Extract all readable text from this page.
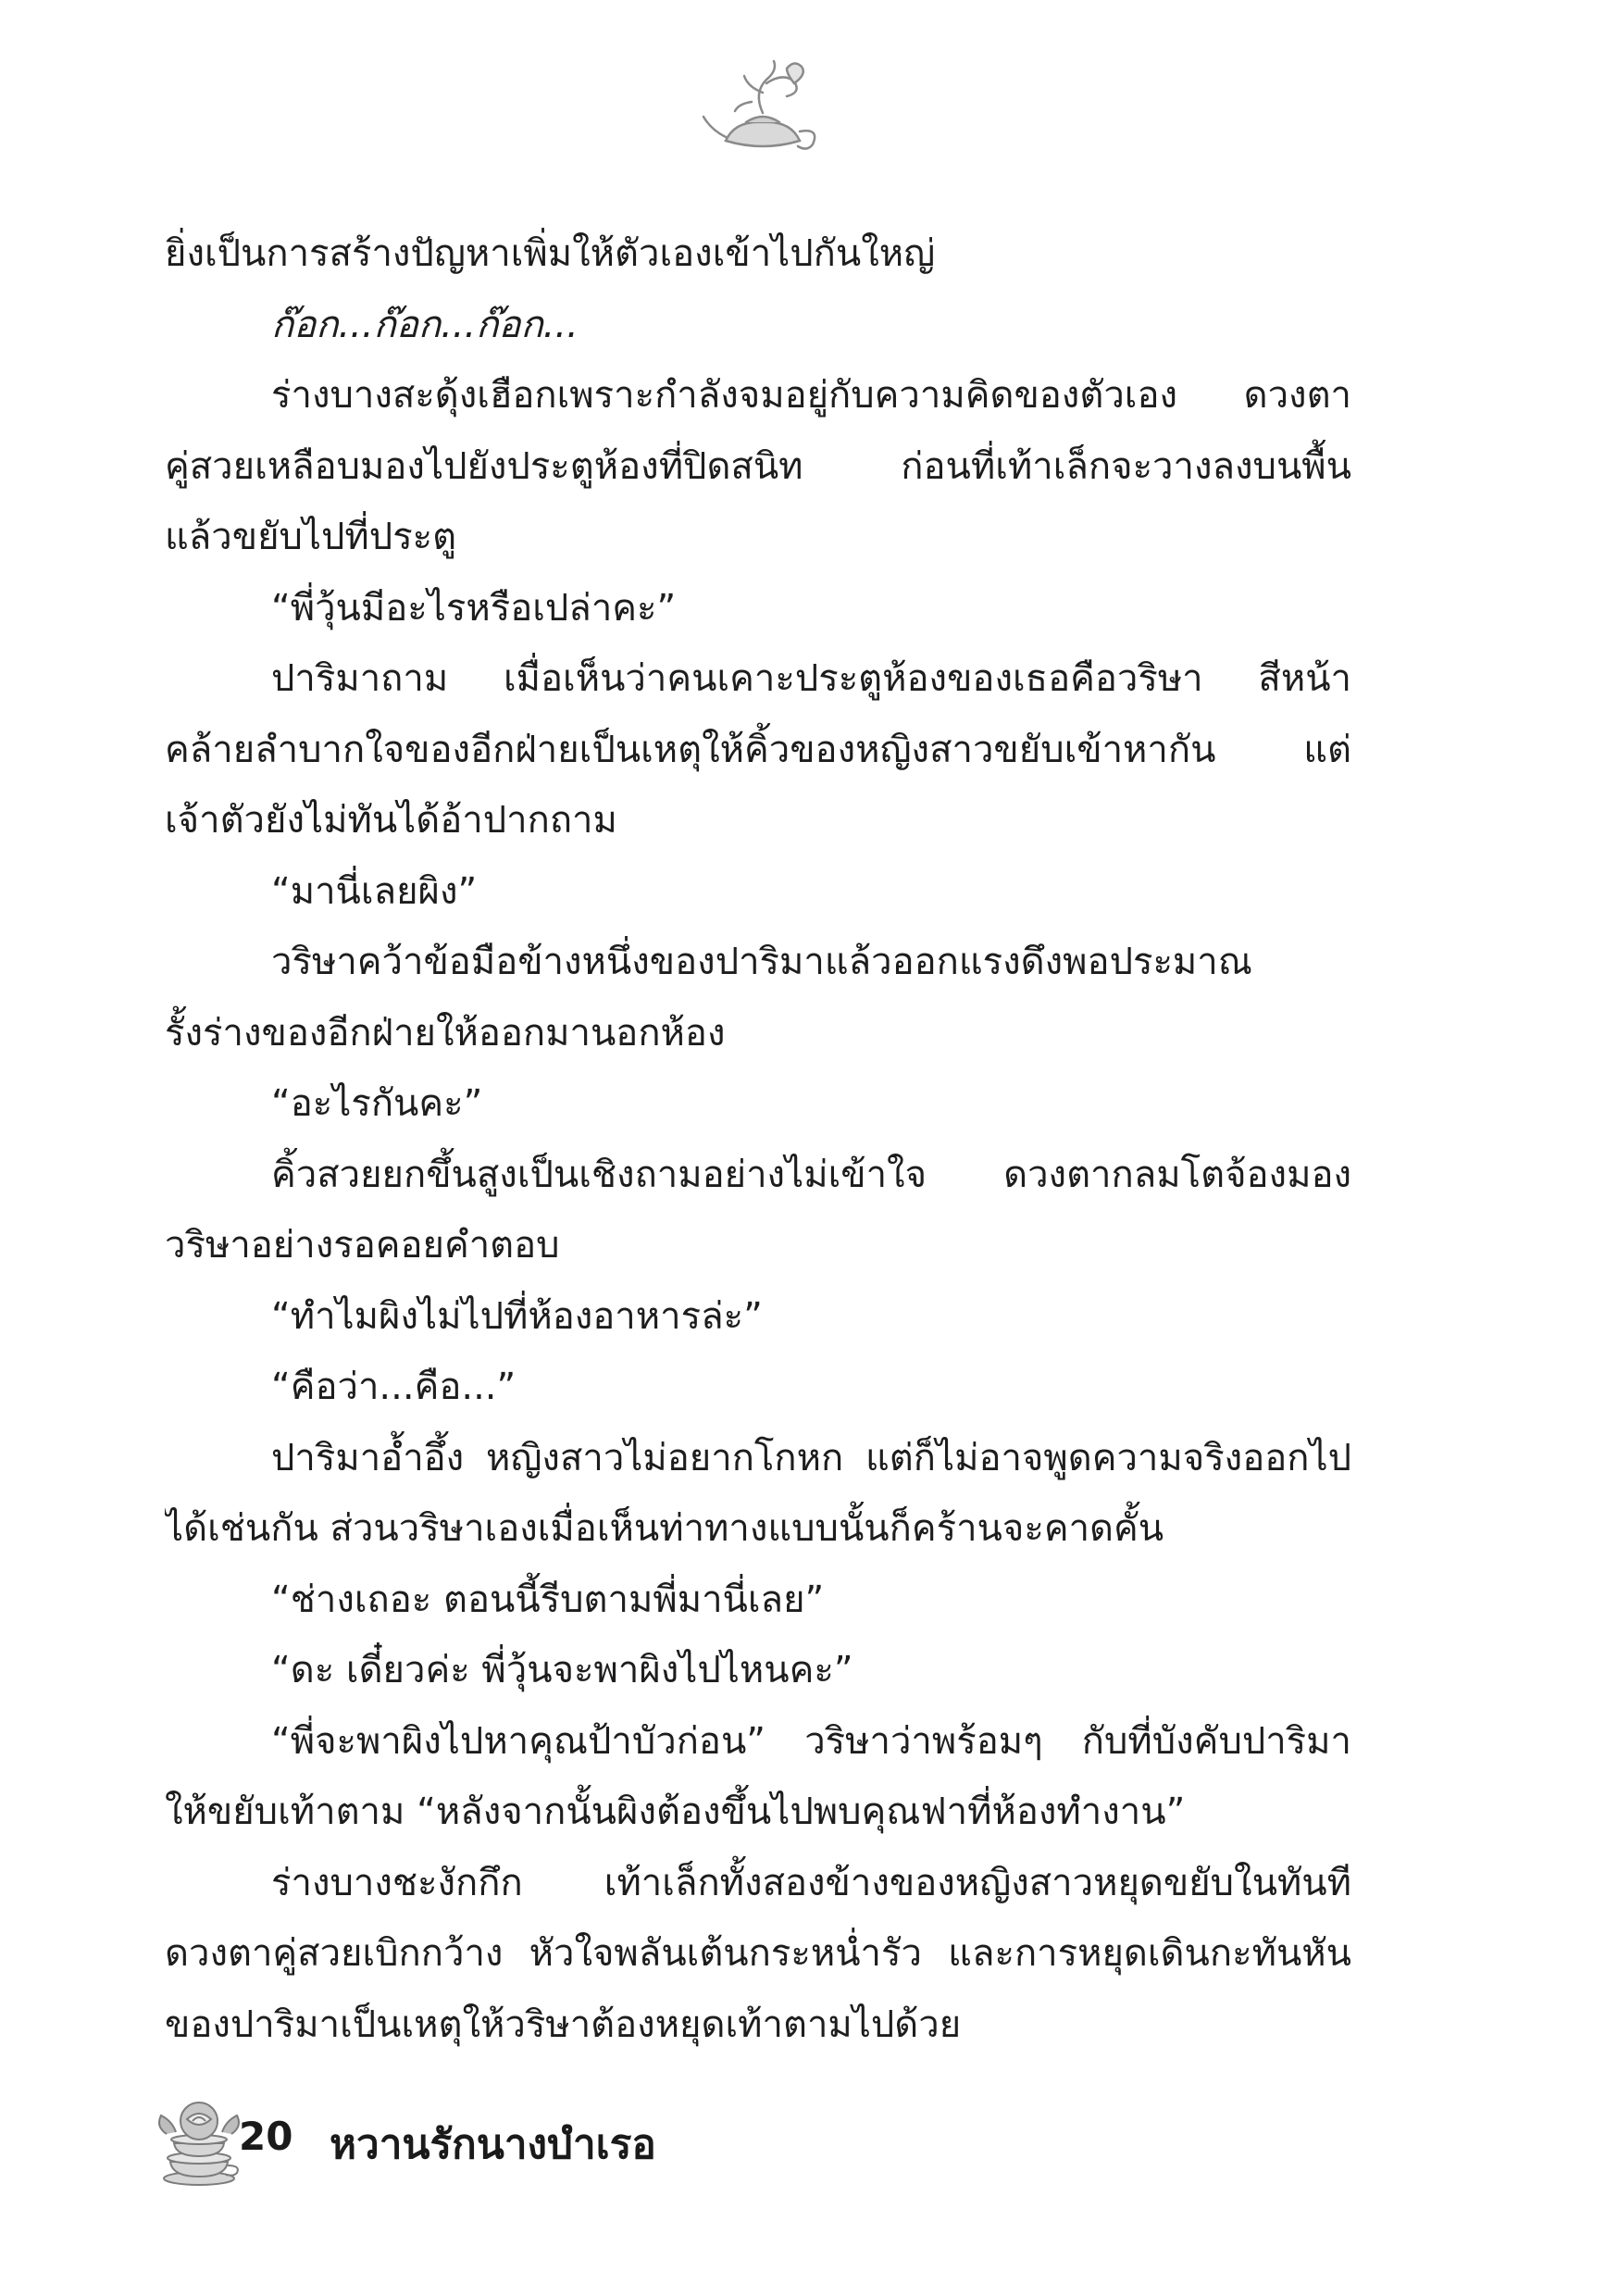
ยิ่งเป็นการสร้างปัญหาเพิ่มให้ตัวเองเข้าไปกันใหญ่
ก๊อก...ก๊อก...ก๊อก...
ร่างบางสะดุ้งเฮือกเพราะกำลังจมอยู่กับความคิดของตัวเอง ดวงตา
คู่สวยเหลือบมองไปยังประตูห้องที่ปิดสนิท ก่อนที่เท้าเล็กจะวางลงบนพื้น
แล้วขยับไปที่ประตู
“พี่วุ้นมีอะไรหรือเปล่าคะ”
ปาริมาถาม เมื่อเห็นว่าคนเคาะประตูห้องของเธอคือวริษา สีหน้า
คล้ายลำบากใจของอีกฝ่ายเป็นเหตุให้คิ้วของหญิงสาวขยับเข้าหากัน แต่
เจ้าตัวยังไม่ทันได้อ้าปากถาม
“มานี่เลยผิง”
วริษาคว้าข้อมือข้างหนึ่งของปาริมาแล้วออกแรงดึงพอประมาณ
รั้งร่างของอีกฝ่ายให้ออกมานอกห้อง
“อะไรกันคะ”
คิ้วสวยยกขึ้นสูงเป็นเชิงถามอย่างไม่เข้าใจ ดวงตากลมโตจ้องมอง
วริษาอย่างรอคอยคำตอบ
“ทำไมผิงไม่ไปที่ห้องอาหารล่ะ”
“คือว่า...คือ...”
ปาริมาอ้ำอึ้ง หญิงสาวไม่อยากโกหก แต่ก็ไม่อาจพูดความจริงออกไป
ได้เช่นกัน ส่วนวริษาเองเมื่อเห็นท่าทางแบบนั้นก็คร้านจะคาดคั้น
“ช่างเถอะ ตอนนี้รีบตามพี่มานี่เลย”
“ดะ เดี๋ยวค่ะ พี่วุ้นจะพาผิงไปไหนคะ”
“พี่จะพาผิงไปหาคุณป้าบัวก่อน” วริษาว่าพร้อมๆ กับที่บังคับปาริมา
ให้ขยับเท้าตาม “หลังจากนั้นผิงต้องขึ้นไปพบคุณฟาที่ห้องทำงาน”
ร่างบางชะงักกึก เท้าเล็กทั้งสองข้างของหญิงสาวหยุดขยับในทันที
ดวงตาคู่สวยเบิกกว้าง หัวใจพลันเต้นกระหน่ำรัว และการหยุดเดินกะทันหัน
ของปาริมาเป็นเหตุให้วริษาต้องหยุดเท้าตามไปด้วย
20 หวานรักนางบำเรอ
